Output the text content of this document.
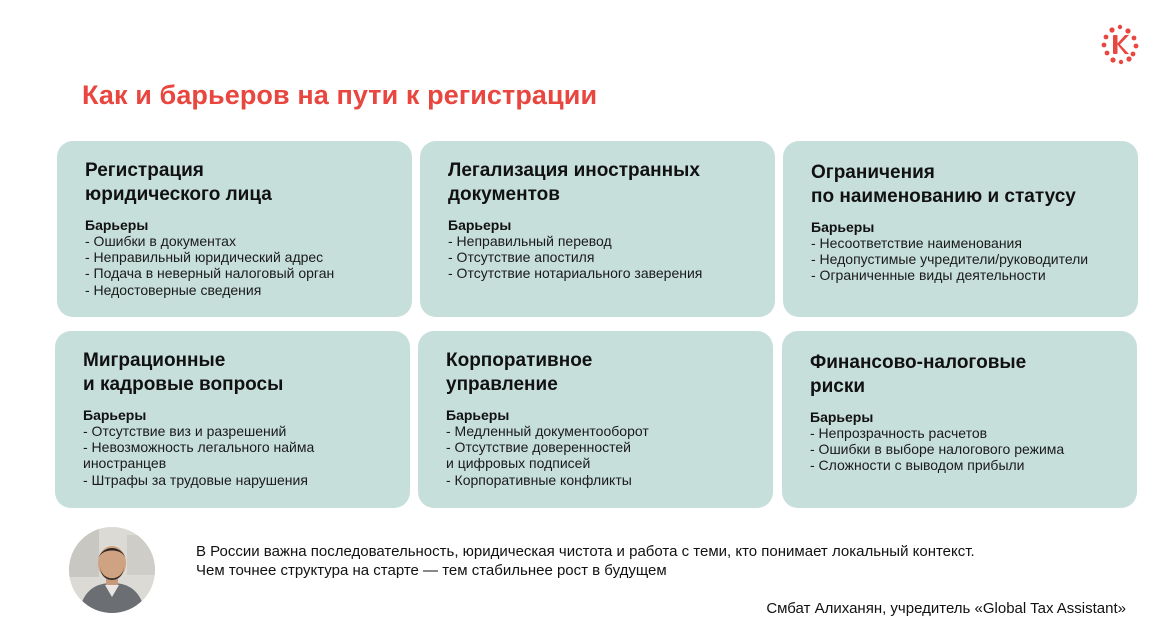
Как и барьеров на пути к регистрации
Регистрация
юридического лица
Барьеры
- Ошибки в документах
- Неправильный юридический адрес
- Подача в неверный налоговый орган
- Недостоверные сведения
Легализация иностранных
документов
Барьеры
- Неправильный перевод
- Отсутствие апостиля
- Отсутствие нотариального заверения
Ограничения
по наименованию и статусу
Барьеры
- Несоответствие наименования
- Недопустимые учредители/руководители
- Ограниченные виды деятельности
Миграционные
и кадровые вопросы
Барьеры
- Отсутствие виз и разрешений
- Невозможность легального найма
иностранцев
- Штрафы за трудовые нарушения
Корпоративное
управление
Барьеры
- Медленный документооборот
- Отсутствие доверенностей
и цифровых подписей
- Корпоративные конфликты
Финансово-налоговые
риски
Барьеры
- Непрозрачность расчетов
- Ошибки в выборе налогового режима
- Сложности с выводом прибыли
В России важна последовательность, юридическая чистота и работа с теми, кто понимает локальный контекст.
Чем точнее структура на старте — тем стабильнее рост в будущем
Смбат Алиханян, учредитель «Global Tax Assistant»
